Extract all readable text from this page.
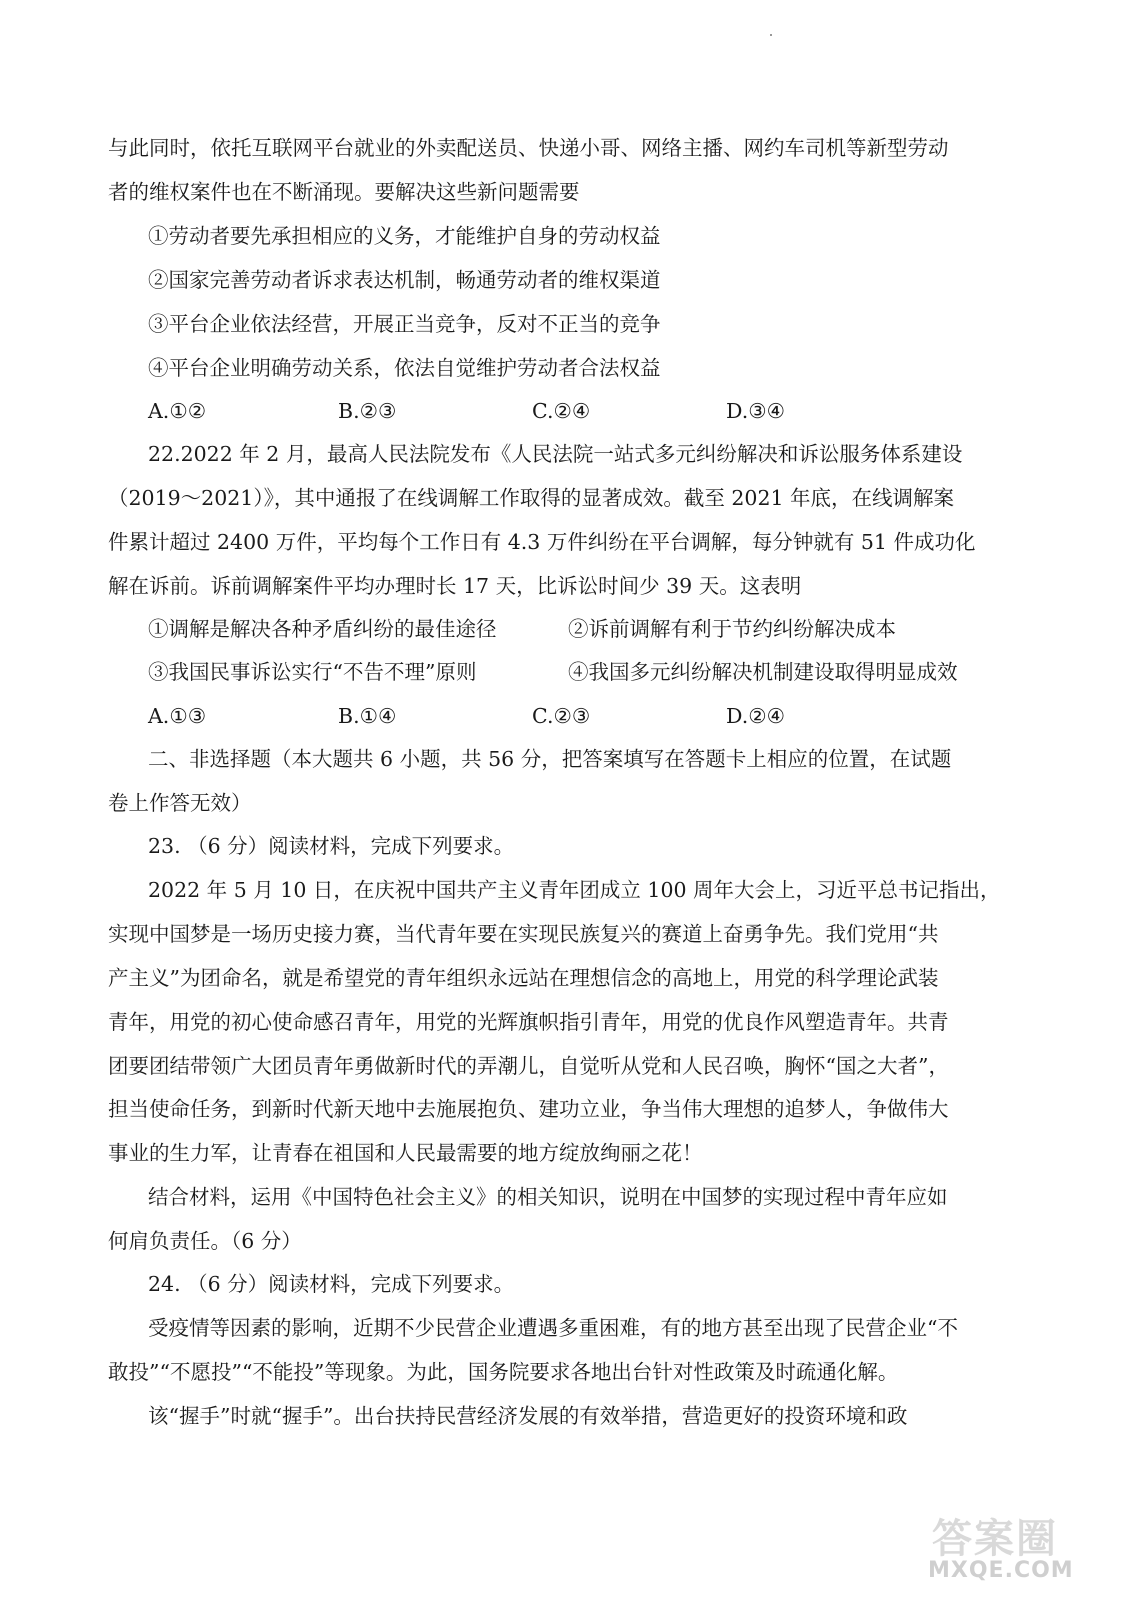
与此同时，依托互联网平台就业的外卖配送员、快递小哥、网络主播、网约车司机等新型劳动
者的维权案件也在不断涌现。要解决这些新问题需要
①劳动者要先承担相应的义务，才能维护自身的劳动权益
②国家完善劳动者诉求表达机制，畅通劳动者的维权渠道
③平台企业依法经营，开展正当竞争，反对不正当的竞争
④平台企业明确劳动关系，依法自觉维护劳动者合法权益
A.①②	B.②③	C.②④	D.③④
22.2022 年 2 月，最高人民法院发布《人民法院一站式多元纠纷解决和诉讼服务体系建设
（2019～2021）》，其中通报了在线调解工作取得的显著成效。截至 2021 年底，在线调解案
件累计超过 2400 万件，平均每个工作日有 4.3 万件纠纷在平台调解，每分钟就有 51 件成功化
解在诉前。诉前调解案件平均办理时长 17 天，比诉讼时间少 39 天。这表明
①调解是解决各种矛盾纠纷的最佳途径	②诉前调解有利于节约纠纷解决成本
③我国民事诉讼实行“不告不理”原则	④我国多元纠纷解决机制建设取得明显成效
A.①③	B.①④	C.②③	D.②④
二、非选择题（本大题共 6 小题，共 56 分，把答案填写在答题卡上相应的位置，在试题
卷上作答无效）
23. （6 分）阅读材料，完成下列要求。
2022 年 5 月 10 日，在庆祝中国共产主义青年团成立 100 周年大会上，习近平总书记指出，
实现中国梦是一场历史接力赛，当代青年要在实现民族复兴的赛道上奋勇争先。我们党用“共
产主义”为团命名，就是希望党的青年组织永远站在理想信念的高地上，用党的科学理论武装
青年，用党的初心使命感召青年，用党的光辉旗帜指引青年，用党的优良作风塑造青年。共青
团要团结带领广大团员青年勇做新时代的弄潮儿，自觉听从党和人民召唤，胸怀“国之大者”，
担当使命任务，到新时代新天地中去施展抱负、建功立业，争当伟大理想的追梦人，争做伟大
事业的生力军，让青春在祖国和人民最需要的地方绽放绚丽之花！
结合材料，运用《中国特色社会主义》的相关知识，说明在中国梦的实现过程中青年应如
何肩负责任。（6 分）
24. （6 分）阅读材料，完成下列要求。
受疫情等因素的影响，近期不少民营企业遭遇多重困难，有的地方甚至出现了民营企业“不
敢投”“不愿投”“不能投”等现象。为此，国务院要求各地出台针对性政策及时疏通化解。
该“握手”时就“握手”。出台扶持民营经济发展的有效举措，营造更好的投资环境和政
答案圈
MXQE.COM
